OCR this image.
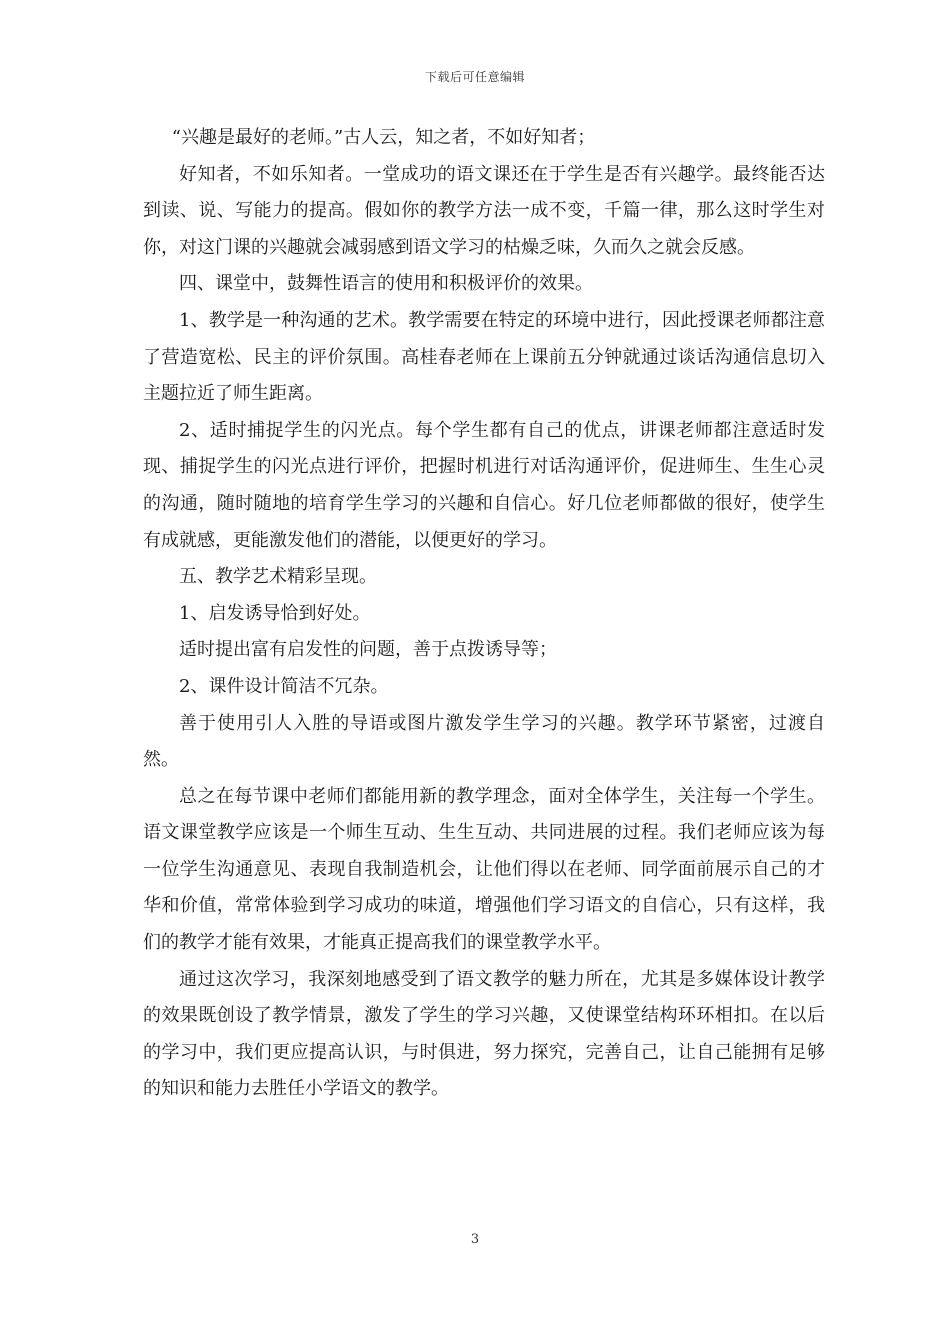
下载后可任意编辑

“兴趣是最好的老师。”古人云，知之者，不如好知者；

好知者，不如乐知者。一堂成功的语文课还在于学生是否有兴趣学。最终能否达到读、说、写能力的提高。假如你的教学方法一成不变，千篇一律，那么这时学生对你，对这门课的兴趣就会减弱感到语文学习的枯燥乏味，久而久之就会反感。

四、课堂中，鼓舞性语言的使用和积极评价的效果。

1、教学是一种沟通的艺术。教学需要在特定的环境中进行，因此授课老师都注意了营造宽松、民主的评价氛围。高桂春老师在上课前五分钟就通过谈话沟通信息切入主题拉近了师生距离。

2、适时捕捉学生的闪光点。每个学生都有自己的优点，讲课老师都注意适时发现、捕捉学生的闪光点进行评价，把握时机进行对话沟通评价，促进师生、生生心灵的沟通，随时随地的培育学生学习的兴趣和自信心。好几位老师都做的很好，使学生有成就感，更能激发他们的潜能，以便更好的学习。

五、教学艺术精彩呈现。

1、启发诱导恰到好处。

适时提出富有启发性的问题，善于点拨诱导等；

2、课件设计简洁不冗杂。

善于使用引人入胜的导语或图片激发学生学习的兴趣。教学环节紧密，过渡自然。

总之在每节课中老师们都能用新的教学理念，面对全体学生，关注每一个学生。语文课堂教学应该是一个师生互动、生生互动、共同进展的过程。我们老师应该为每一位学生沟通意见、表现自我制造机会，让他们得以在老师、同学面前展示自己的才华和价值，常常体验到学习成功的味道，增强他们学习语文的自信心，只有这样，我们的教学才能有效果，才能真正提高我们的课堂教学水平。

通过这次学习，我深刻地感受到了语文教学的魅力所在，尤其是多媒体设计教学的效果既创设了教学情景，激发了学生的学习兴趣，又使课堂结构环环相扣。在以后的学习中，我们更应提高认识，与时俱进，努力探究，完善自己，让自己能拥有足够的知识和能力去胜任小学语文的教学。

3
